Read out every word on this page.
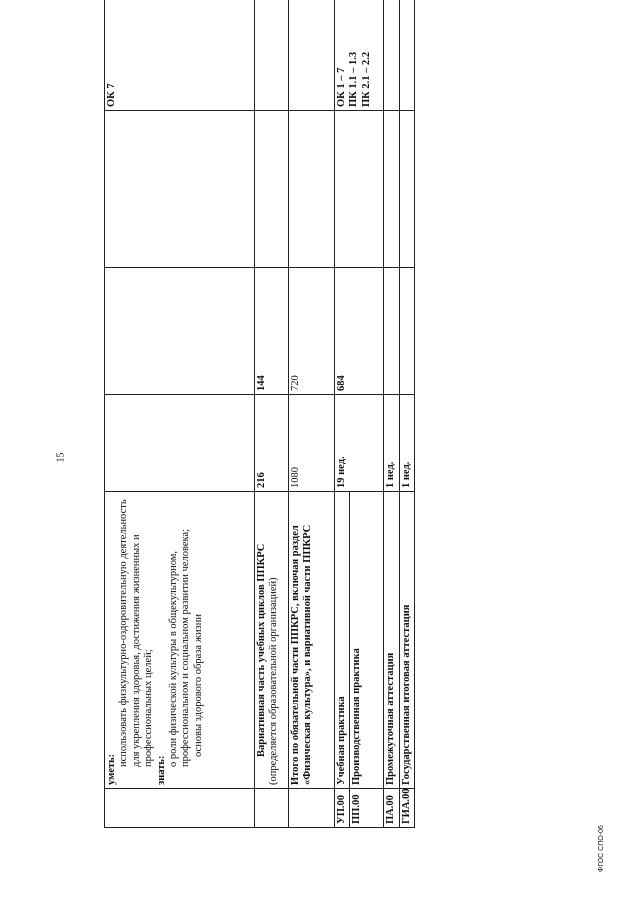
15
ФГОС СПО-06
	уметь:
использовать физкультурно-оздоровительную деятельность для укрепления здоровья, достижения жизненных и профессиональных целей;
знать:
о роли физической культуры в общекультурном, профессиональном и социальном развитии человека; основы здорового образа жизни				ОК 7

	Вариативная часть учебных циклов ППКРС (определяется образовательной организацией)	216	144		
	Итого по обязательной части ППКРС, включая раздел «Физическая культура», и вариативной части ППКРС	1080	720		
УП.00	Учебная практика	19 нед.	684		ОК 1 – 7 ПК 1.1 – 1.3 ПК 2.1 – 2.2

ПП.00	Производственная практика				
ПА.00	Промежуточная аттестация	1 нед.			
ГИА.00	Государственная итоговая аттестация	1 нед.			
